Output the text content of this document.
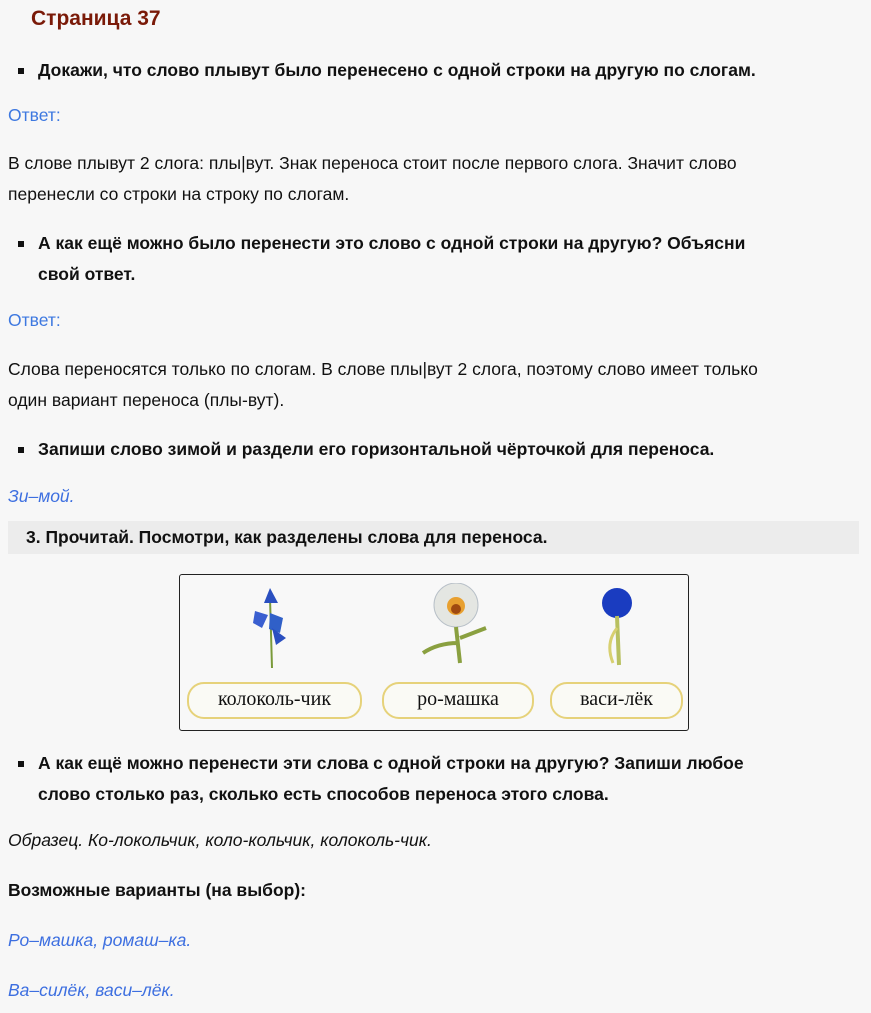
Страница 37
Докажи, что слово плывут было перенесено с одной строки на другую по слогам.
Ответ:
В слове плывут 2 слога: плы|вут. Знак переноса стоит после первого слога. Значит слово
перенесли со строки на строку по слогам.
А как ещё можно было перенести это слово с одной строки на другую? Объясни
свой ответ.
Ответ:
Слова переносятся только по слогам. В слове плы|вут 2 слога, поэтому слово имеет только
один вариант переноса (плы-вут).
Запиши слово зимой и раздели его горизонтальной чёрточкой для переноса.
Зи–мой.
3. Прочитай. Посмотри, как разделены слова для переноса.
колоколь-чик	ро-машка	васи-лёк
А как ещё можно перенести эти слова с одной строки на другую? Запиши любое
слово столько раз, сколько есть способов переноса этого слова.
Образец. Ко-локольчик, коло-кольчик, колоколь-чик.
Возможные варианты (на выбор):
Ро–машка, ромаш–ка.
Ва–силёк, васи–лёк.
